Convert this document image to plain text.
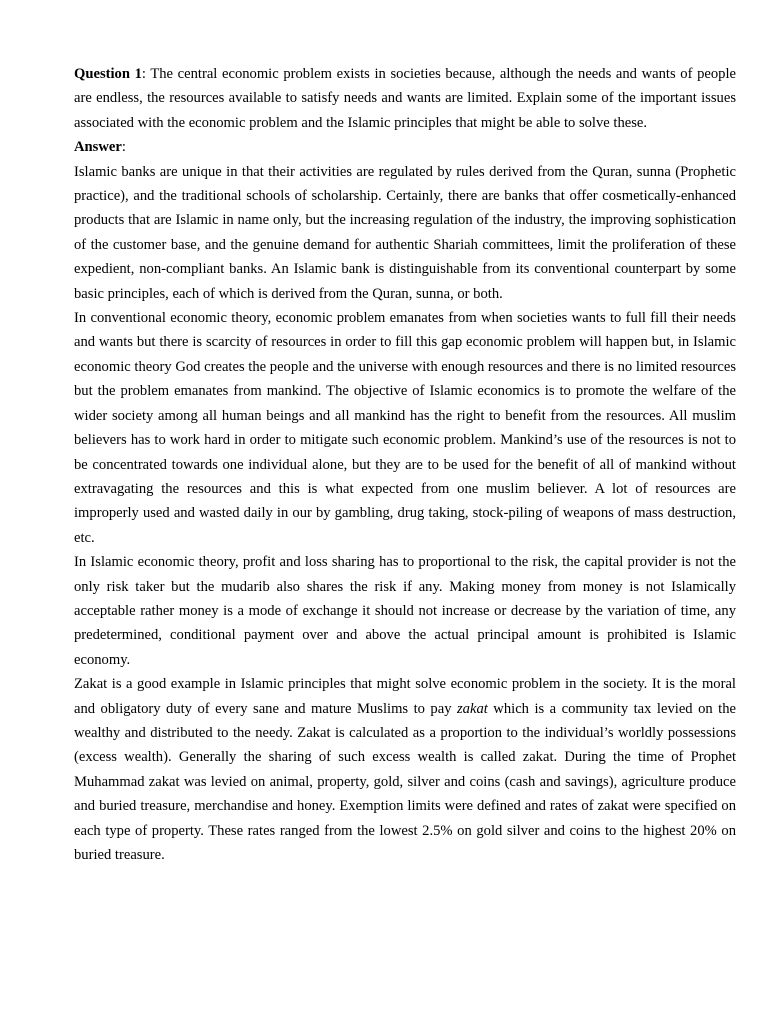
Question 1: The central economic problem exists in societies because, although the needs and wants of people are endless, the resources available to satisfy needs and wants are limited. Explain some of the important issues associated with the economic problem and the Islamic principles that might be able to solve these.

Answer:

Islamic banks are unique in that their activities are regulated by rules derived from the Quran, sunna (Prophetic practice), and the traditional schools of scholarship. Certainly, there are banks that offer cosmetically-enhanced products that are Islamic in name only, but the increasing regulation of the industry, the improving sophistication of the customer base, and the genuine demand for authentic Shariah committees, limit the proliferation of these expedient, non-compliant banks. An Islamic bank is distinguishable from its conventional counterpart by some basic principles, each of which is derived from the Quran, sunna, or both.

In conventional economic theory, economic problem emanates from when societies wants to full fill their needs and wants but there is scarcity of resources in order to fill this gap economic problem will happen but, in Islamic economic theory God creates the people and the universe with enough resources and there is no limited resources but the problem emanates from mankind. The objective of Islamic economics is to promote the welfare of the wider society among all human beings and all mankind has the right to benefit from the resources. All muslim believers has to work hard in order to mitigate such economic problem. Mankind’s use of the resources is not to be concentrated towards one individual alone, but they are to be used for the benefit of all of mankind without extravagating the resources and this is what expected from one muslim believer. A lot of resources are improperly used and wasted daily in our by gambling, drug taking, stock-piling of weapons of mass destruction, etc.

In Islamic economic theory, profit and loss sharing has to proportional to the risk, the capital provider is not the only risk taker but the mudarib also shares the risk if any. Making money from money is not Islamically acceptable rather money is a mode of exchange it should not increase or decrease by the variation of time, any predetermined, conditional payment over and above the actual principal amount is prohibited is Islamic economy.

Zakat is a good example in Islamic principles that might solve economic problem in the society. It is the moral and obligatory duty of every sane and mature Muslims to pay zakat which is a community tax levied on the wealthy and distributed to the needy. Zakat is calculated as a proportion to the individual’s worldly possessions (excess wealth). Generally the sharing of such excess wealth is called zakat. During the time of Prophet Muhammad zakat was levied on animal, property, gold, silver and coins (cash and savings), agriculture produce and buried treasure, merchandise and honey. Exemption limits were defined and rates of zakat were specified on each type of property. These rates ranged from the lowest 2.5% on gold silver and coins to the highest 20% on buried treasure.
